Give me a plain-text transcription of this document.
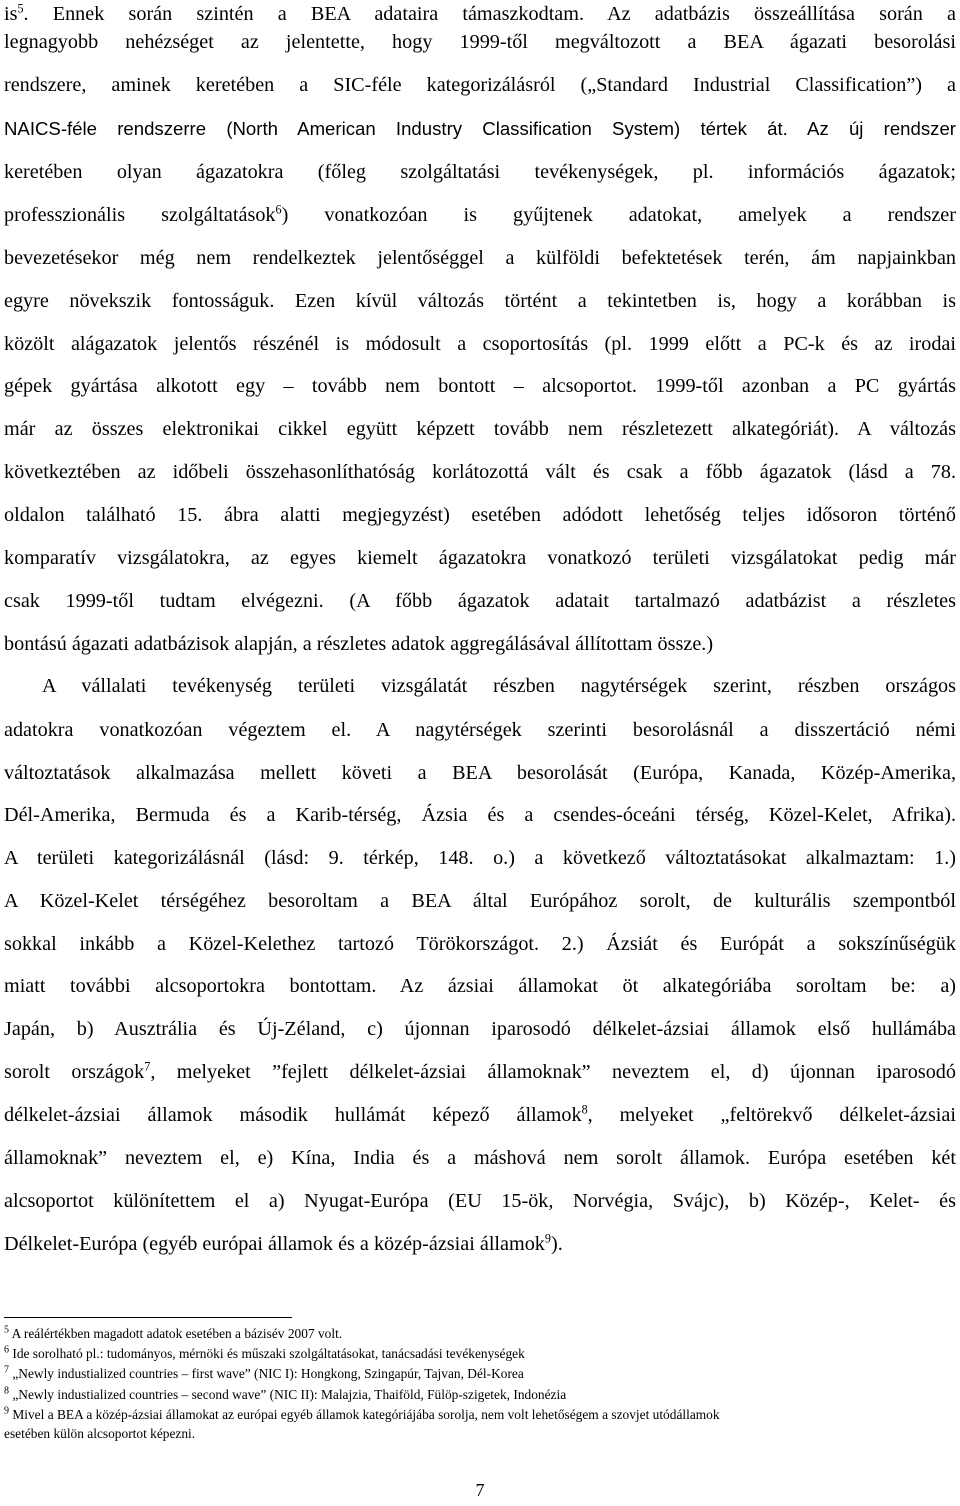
$is^5$. Ennek során szintén a BEA adataira támaszkodtam. Az adatbázis összeállítása során a
legnagyobb nehézséget az jelentette, hogy 1999-től megváltozott a BEA ágazati besorolási
rendszere, aminek keretében a SIC-féle kategorizálásról („Standard Industrial Classification”) a
NAICS-féle rendszerre (North American Industry Classification System) tértek át. Az új rendszer
keretében olyan ágazatokra (főleg szolgáltatási tevékenységek, pl. információs ágazatok;
professzionális szolgáltatások$^6$) vonatkozóan is gyűjtenek adatokat, amelyek a rendszer
bevezetésekor még nem rendelkeztek jelentőséggel a külföldi befektetések terén, ám napjainkban
egyre növekszik fontosságuk. Ezen kívül változás történt a tekintetben is, hogy a korábban is
közölt alágazatok jelentős részénél is módosult a csoportosítás (pl. 1999 előtt a PC-k és az irodai
gépek gyártása alkotott egy – tovább nem bontott – alcsoportot. 1999-től azonban a PC gyártás
már az összes elektronikai cikkel együtt képzett tovább nem részletezett alkategóriát). A változás
következtében az időbeli összehasonlíthatóság korlátozottá vált és csak a főbb ágazatok (lásd a 78.
oldalon található 15. ábra alatti megjegyzést) esetében adódott lehetőség teljes idősoron történő
komparatív vizsgálatokra, az egyes kiemelt ágazatokra vonatkozó területi vizsgálatokat pedig már
csak 1999-től tudtam elvégezni. (A főbb ágazatok adatait tartalmazó adatbázist a részletes
bontású ágazati adatbázisok alapján, a részletes adatok aggregálásával állítottam össze.)
A vállalati tevékenység területi vizsgálatát részben nagytérségek szerint, részben országos
adatokra vonatkozóan végeztem el. A nagytérségek szerinti besorolásnál a disszertáció némi
változtatások alkalmazása mellett követi a BEA besorolását (Európa, Kanada, Közép-Amerika,
Dél-Amerika, Bermuda és a Karib-térség, Ázsia és a csendes-óceáni térség, Közel-Kelet, Afrika).
A területi kategorizálásnál (lásd: 9. térkép, 148. o.) a következő változtatásokat alkalmaztam: 1.)
A Közel-Kelet térségéhez besoroltam a BEA által Európához sorolt, de kulturális szempontból
sokkal inkább a Közel-Kelethez tartozó Törökországot. 2.) Ázsiát és Európát a sokszínűségük
miatt további alcsoportokra bontottam. Az ázsiai államokat öt alkategóriába soroltam be: a)
Japán, b) Ausztrália és Új-Zéland, c) újonnan iparosodó délkelet-ázsiai államok első hullámába
sorolt országok$^7$, melyeket ”fejlett délkelet-ázsiai államoknak” neveztem el, d) újonnan iparosodó
délkelet-ázsiai államok második hullámát képező államok$^8$, melyeket „feltörekvő délkelet-ázsiai
államoknak” neveztem el, e) Kína, India és a máshová nem sorolt államok. Európa esetében két
alcsoportot különítettem el a) Nyugat-Európa (EU 15-ök, Norvégia, Svájc), b) Közép-, Kelet- és
Délkelet-Európa (egyéb európai államok és a közép-ázsiai államok$^9$).
$^5$ A reálértékben magadott adatok esetében a bázisév 2007 volt.
$^6$ Ide sorolható pl.: tudományos, mérnöki és műszaki szolgáltatásokat, tanácsadási tevékenységek
$^7$ „Newly industialized countries – first wave” (NIC I): Hongkong, Szingapúr, Tajvan, Dél-Korea
$^8$ „Newly industialized countries – second wave” (NIC II): Malajzia, Thaiföld, Fülöp-szigetek, Indonézia
$^9$ Mivel a BEA a közép-ázsiai államokat az európai egyéb államok kategóriájába sorolja, nem volt lehetőségem a szovjet utódállamok
esetében külön alcsoportot képezni.
7
